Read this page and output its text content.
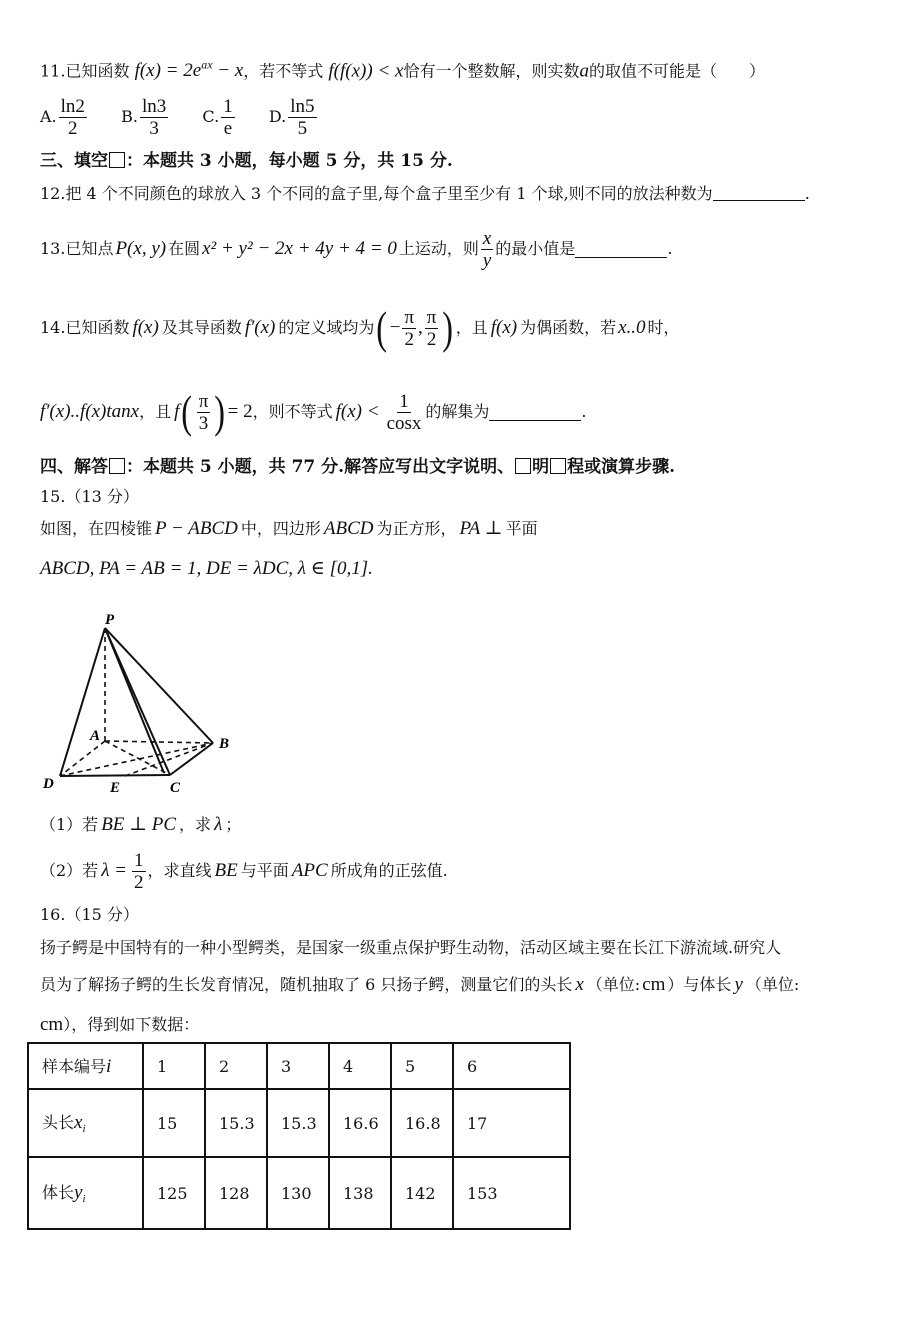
11.已知函数 $f(x) = 2e^{ax} - x$，若不等式 f(f(x)) < x恰有一个整数解，则实数a的取值不可能是（　　）
A. $\frac{\ln 2}{2} B$. $\frac{\ln 3}{3} C$. $\frac{1}{e} D$. $\frac{\ln 5}{5}$
三、填空 ：本题共 3 小题，每小题 5 分，共 15 分.
12.把 4 个不同颜色的球放入 3 个不同的盒子里,每个盒子里至少有 1 个球,则不同的放法种数为	.
13.已知点 P(x, y) 在圆 x² + y² − 2x + 4y + 4 = 0 上运动，则 $\frac{x}{y}$ 的最小值是	.
14.已知函数 f(x) 及其导函数 f′(x) 的定义域均为 ( − $\frac{\pi}{2}$ , $\frac{\pi}{2}$ ) ，且 f(x) 为偶函数，若 x..0 时，
f′(x)..f(x)tanx ，且 f ( $\frac{\pi}{3}$ ) = 2 ，则不等式 $f(x) < \frac{1}{\cos x}$ 的解集为	.
四、解答 ：本题共 5 小题，共 77 分.解答应写出文字说明、 明 程或演算步骤.
15.（13 分）
如图，在四棱锥 P − ABCD 中，四边形 ABCD 为正方形， PA ⊥ 平面
ABCD, PA = AB = 1, DE = λDC, λ ∈ [0,1].
P
A	B
D	E	C
（1）若 BE ⊥ PC ，求 λ ；
（2）若 $\lambda = \frac{1}{2}$ ，求直线 BE 与平面 APC 所成角的正弦值.
16.（15 分）
扬子鳄是中国特有的一种小型鳄类，是国家一级重点保护野生动物，活动区域主要在长江下游流域.研究人
员为了解扬子鳄的生长发育情况，随机抽取了 6 只扬子鳄，测量它们的头长 x （单位: cm ）与体长 y （单位:
cm），得到如下数据：
样本编号i	1	2	3	4	5	6
头长$x_i$	15	15.3	15.3	16.6	16.8	17
体长$y_i$	125	128	130	138	142	153
